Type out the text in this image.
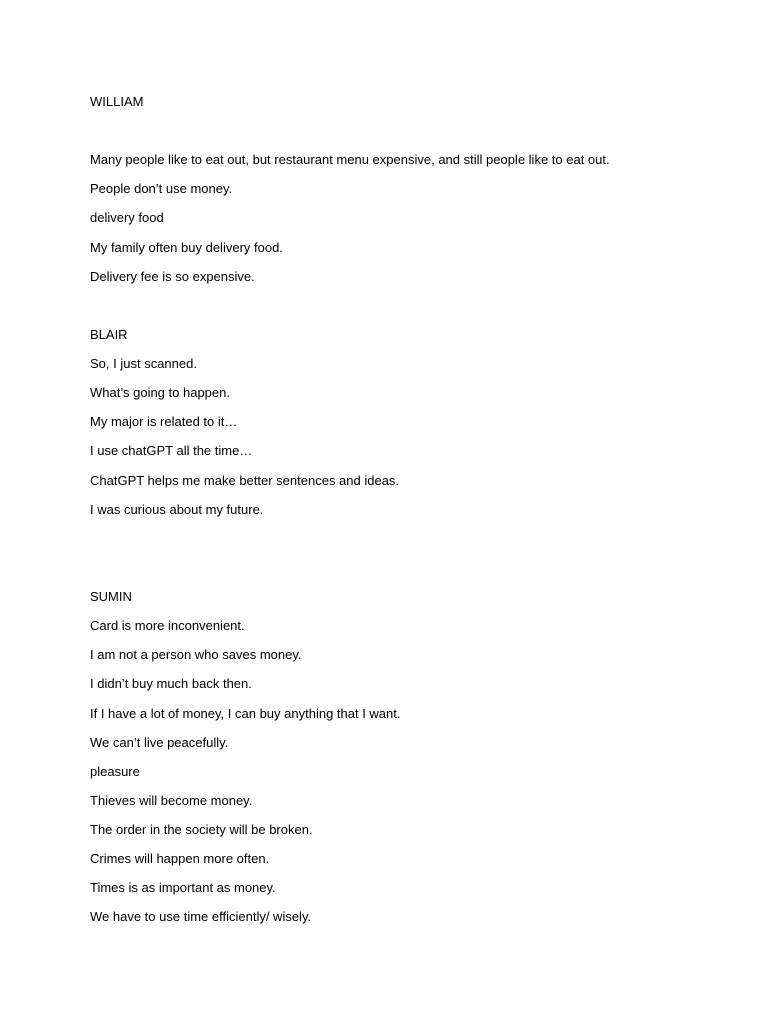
WILLIAM
Many people like to eat out, but restaurant menu expensive, and still people like to eat out.
People don’t use money.
delivery food
My family often buy delivery food.
Delivery fee is so expensive.
BLAIR
So, I just scanned.
What’s going to happen.
My major is related to it…
I use chatGPT all the time…
ChatGPT helps me make better sentences and ideas.
I was curious about my future.
SUMIN
Card is more inconvenient.
I am not a person who saves money.
I didn’t buy much back then.
If I have a lot of money, I can buy anything that I want.
We can’t live peacefully.
pleasure
Thieves will become money.
The order in the society will be broken.
Crimes will happen more often.
Times is as important as money.
We have to use time efficiently/ wisely.
